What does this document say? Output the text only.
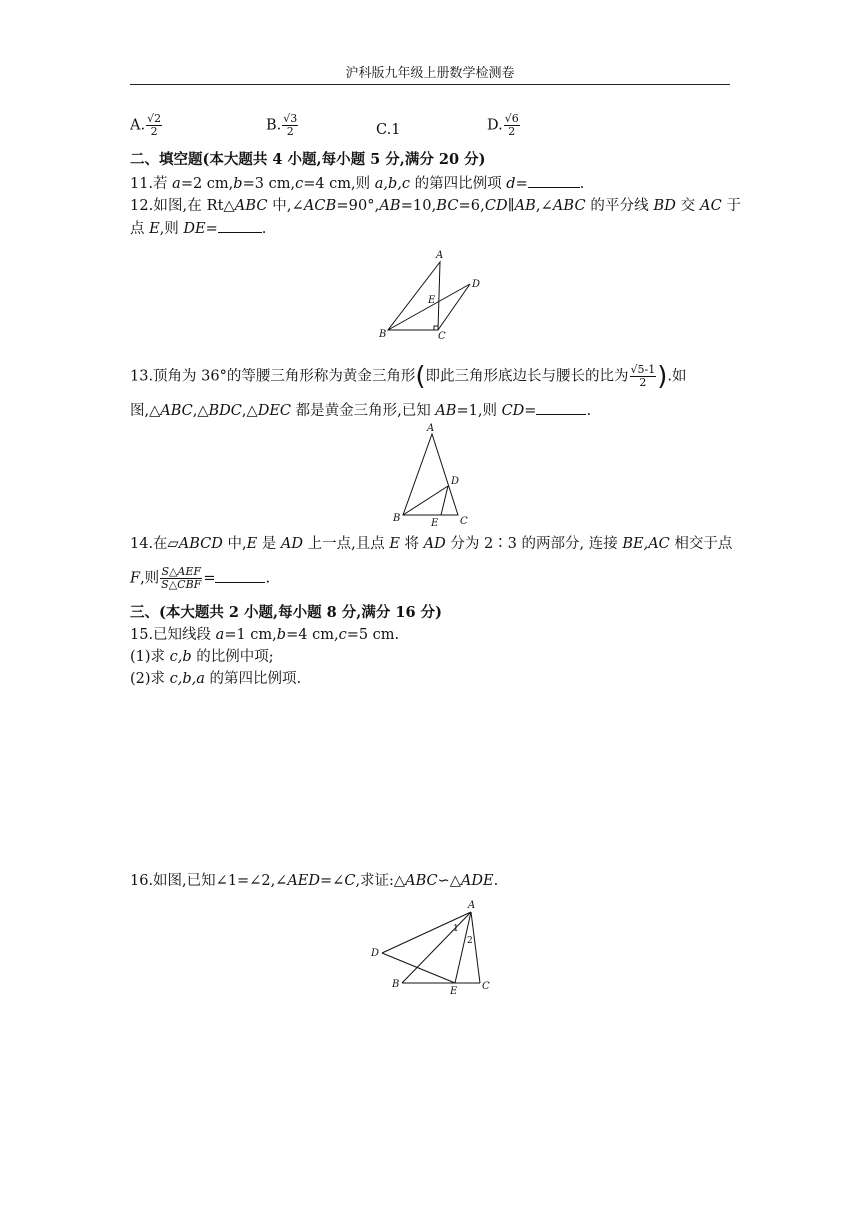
沪科版九年级上册数学检测卷
A. $\frac{√2}{2}$	B. $\frac{√3}{2}$	C.1	D. $\frac{√6}{2}$
二、填空题(本大题共 4 小题,每小题 5 分,满分 20 分)
11.若 a=2 cm,b=3 cm,c=4 cm,则 a,b,c 的第四比例项 d=	.
12.如图,在 Rt△ABC 中,∠ACB=90°,AB=10,BC=6,CD∥AB,∠ABC 的平分线 BD 交 AC 于
点 E,则 DE=	.
A
B	C
D
E
13.顶角为 36°的等腰三角形称为黄金三角形(即此三角形底边长与腰长的比为 $\frac{√5-1}{2}$ ).如
图,△ABC,△BDC,△DEC 都是黄金三角形,已知 AB=1,则 CD=	.
A
B	C
D
E
14.在▱ABCD 中,E 是 AD 上一点,且点 E 将 AD 分为 2∶3 的两部分, 连接 BE,AC 相交于点
F,则 $\frac{\text{S△AEF}}{\text{S△CBF}}$ =	.
三、(本大题共 2 小题,每小题 8 分,满分 16 分)
15.已知线段 a=1 cm,b=4 cm,c=5 cm.
(1)求 c,b 的比例中项;
(2)求 c,b,a 的第四比例项.
16.如图,已知∠1=∠2,∠AED=∠C,求证:△ABC∽△ADE.
A
B	C
D
E
1
2
